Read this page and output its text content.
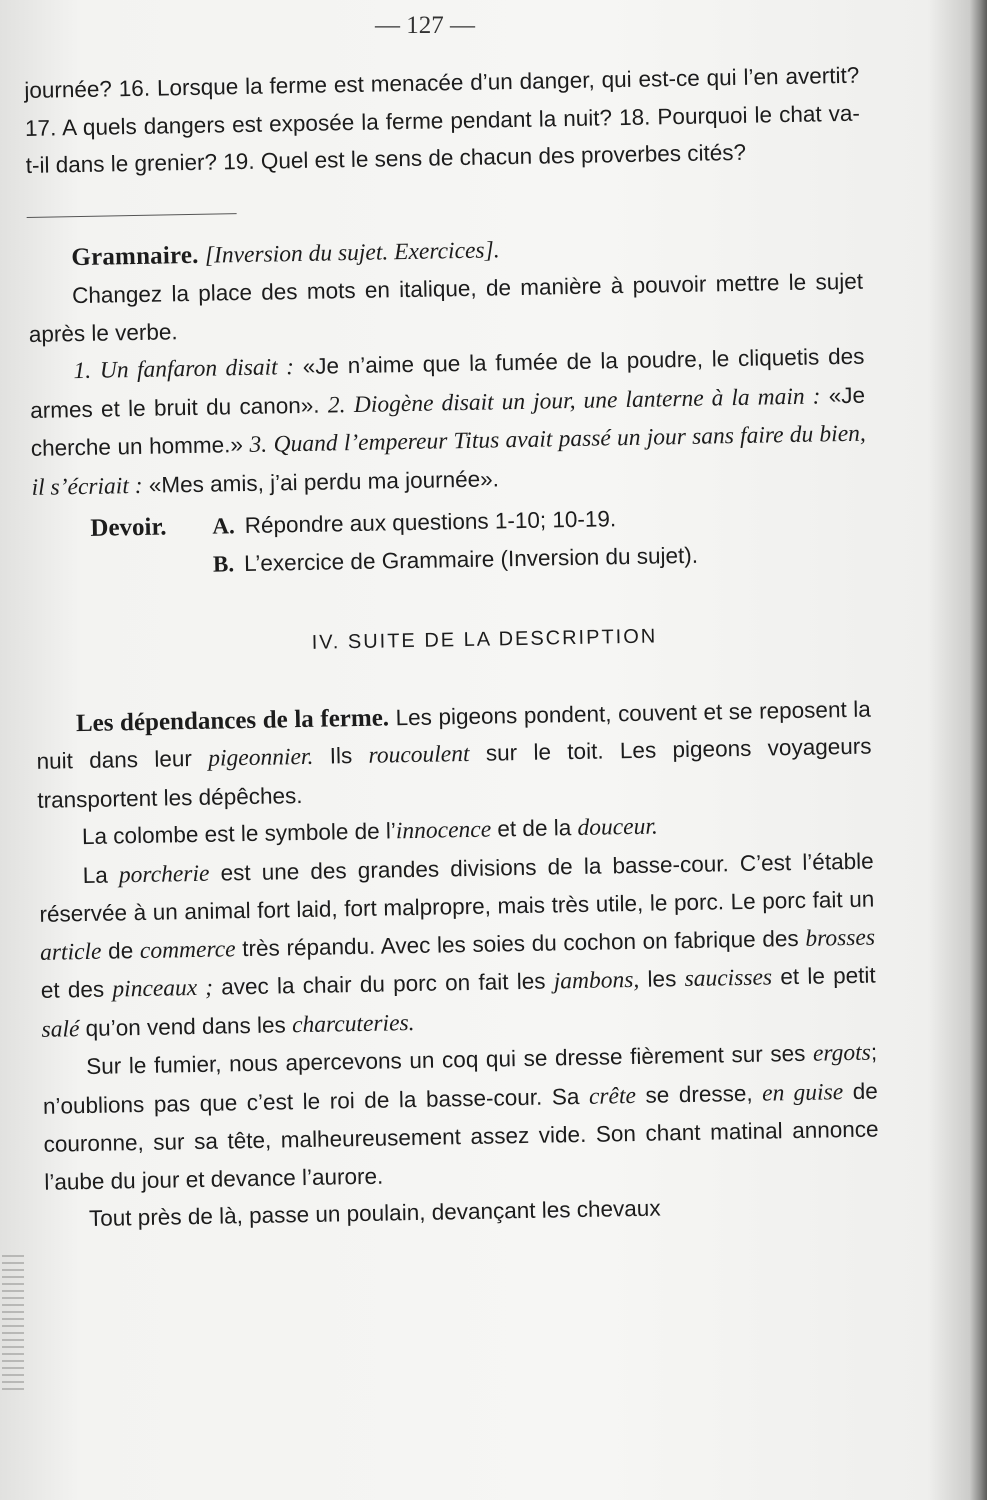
— 127 —

journée? 16. Lorsque la ferme est menacée d’un danger, qui est-ce qui l’en avertit? 17. A quels dangers est exposée la ferme pendant la nuit? 18. Pourquoi le chat va-t-il dans le grenier? 19. Quel est le sens de chacun des proverbes cités?

Gramnaire. [Inversion du sujet. Exercices].

Changez la place des mots en italique, de manière à pouvoir mettre le sujet après le verbe.

1. Un fanfaron disait : «Je n’aime que la fumée de la poudre, le cliquetis des armes et le bruit du canon». 2. Diogène disait un jour, une lanterne à la main : «Je cherche un homme.» 3. Quand l’empereur Titus avait passé un jour sans faire du bien, il s’écriait : «Mes amis, j’ai perdu ma journée».

Devoir.	A. Répondre aux questions 1-10; 10-19.
B. L’exercice de Grammaire (Inversion du sujet).
IV. SUITE DE LA DESCRIPTION

Les dépendances de la ferme. Les pigeons pondent, couvent et se reposent la nuit dans leur pigeonnier. Ils roucoulent sur le toit. Les pigeons voyageurs transportent les dépêches.

La colombe est le symbole de l’innocence et de la douceur.

La porcherie est une des grandes divisions de la basse-cour. C’est l’étable réservée à un animal fort laid, fort malpropre, mais très utile, le porc. Le porc fait un article de commerce très répandu. Avec les soies du cochon on fabrique des brosses et des pinceaux ; avec la chair du porc on fait les jambons, les saucisses et le petit salé qu’on vend dans les charcuteries.

Sur le fumier, nous apercevons un coq qui se dresse fièrement sur ses ergots; n’oublions pas que c’est le roi de la basse-cour. Sa crête se dresse, en guise de couronne, sur sa tête, malheureusement assez vide. Son chant matinal annonce l’aube du jour et devance l’aurore.

Tout près de là, passe un poulain, devançant les chevaux
